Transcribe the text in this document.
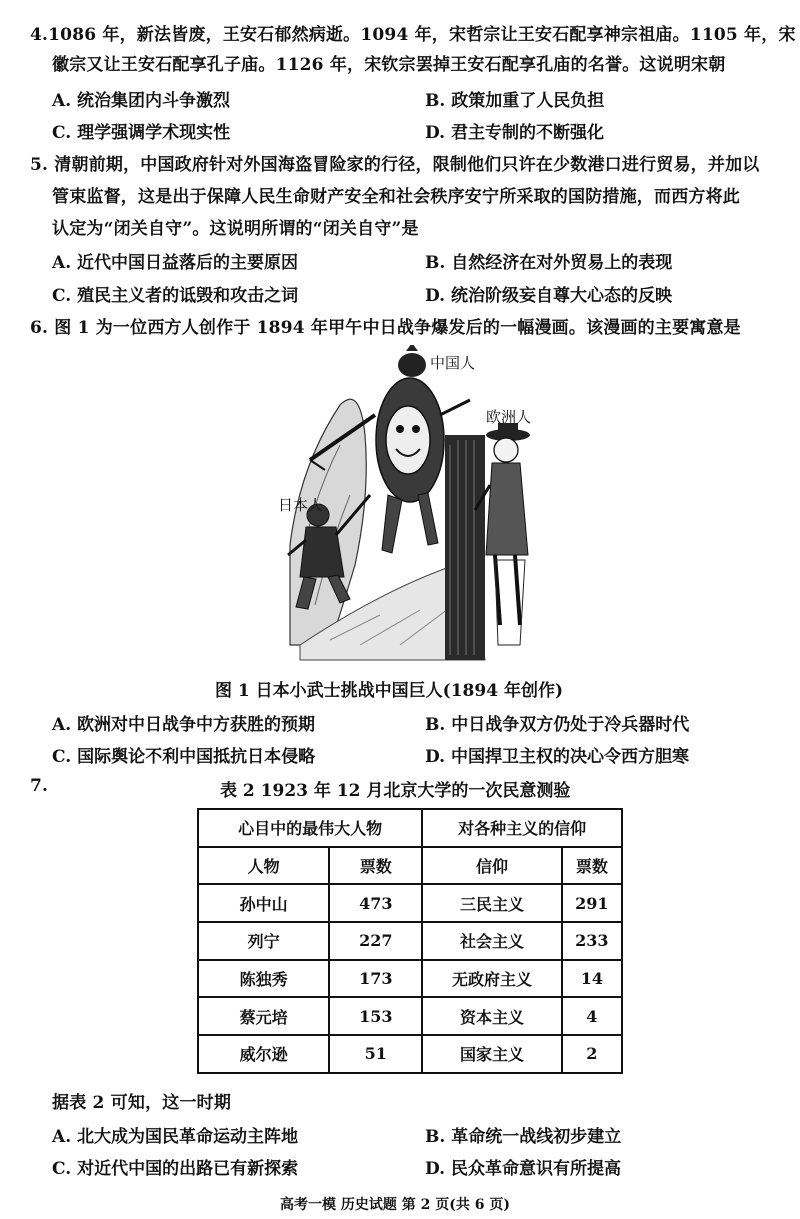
4.1086 年，新法皆废，王安石郁然病逝。1094 年，宋哲宗让王安石配享神宗祖庙。1105 年，宋
徽宗又让王安石配享孔子庙。1126 年，宋钦宗罢掉王安石配享孔庙的名誉。这说明宋朝
A. 统治集团内斗争激烈	B. 政策加重了人民负担
C. 理学强调学术现实性	D. 君主专制的不断强化
5. 清朝前期，中国政府针对外国海盗冒险家的行径，限制他们只许在少数港口进行贸易，并加以
管束监督，这是出于保障人民生命财产安全和社会秩序安宁所采取的国防措施，而西方将此
认定为“闭关自守”。这说明所谓的“闭关自守”是
A. 近代中国日益落后的主要原因	B. 自然经济在对外贸易上的表现
C. 殖民主义者的诋毁和攻击之词	D. 统治阶级妄自尊大心态的反映
6. 图 1 为一位西方人创作于 1894 年甲午中日战争爆发后的一幅漫画。该漫画的主要寓意是
中国人
欧洲人
日本人
图 1 日本小武士挑战中国巨人(1894 年创作)
A. 欧洲对中日战争中方获胜的预期	B. 中日战争双方仍处于冷兵器时代
C. 国际舆论不利中国抵抗日本侵略	D. 中国捍卫主权的决心令西方胆寒
7.	表 2 1923 年 12 月北京大学的一次民意测验
心目中的最伟大人物		对各种主义的信仰	
人物	票数	信仰	票数
孙中山	473	三民主义	291
列宁	227	社会主义	233
陈独秀	173	无政府主义	14
蔡元培	153	资本主义	4
威尔逊	51	国家主义	2
据表 2 可知，这一时期
A. 北大成为国民革命运动主阵地	B. 革命统一战线初步建立
C. 对近代中国的出路已有新探索	D. 民众革命意识有所提高
高考一模 历史试题 第 2 页(共 6 页)
